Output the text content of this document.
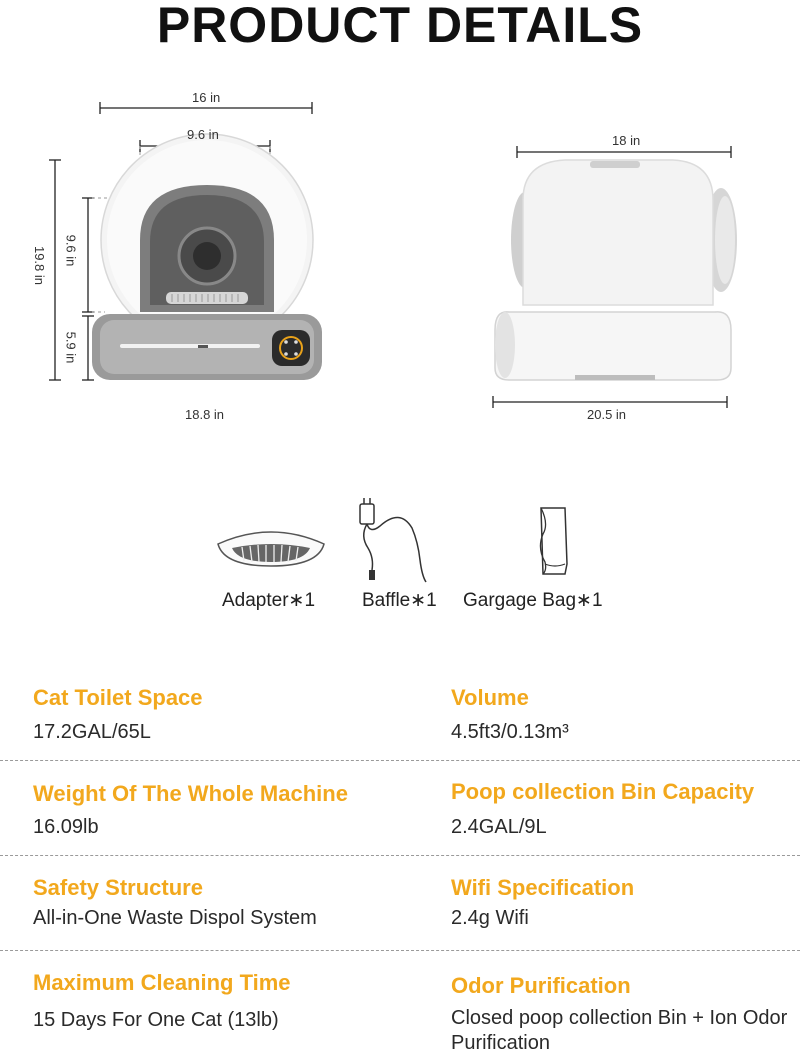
PRODUCT DETAILS
16 in
9.6 in
19.8 in 9.6 in
5.9 in
18.8 in
18 in
20.5 in
Adapter∗1 Baffle∗1 Gargage Bag∗1
Cat Toilet Space
17.2GAL/65L
Volume
4.5ft3/0.13m³
Weight Of The Whole Machine
16.09lb
Poop collection Bin Capacity
2.4GAL/9L
Safety Structure
All-in-One Waste Dispol System
Wifi Specification
2.4g Wifi
Maximum Cleaning Time
15 Days For One Cat (13lb)
Odor Purification
Closed poop collection Bin + Ion Odor Purification
